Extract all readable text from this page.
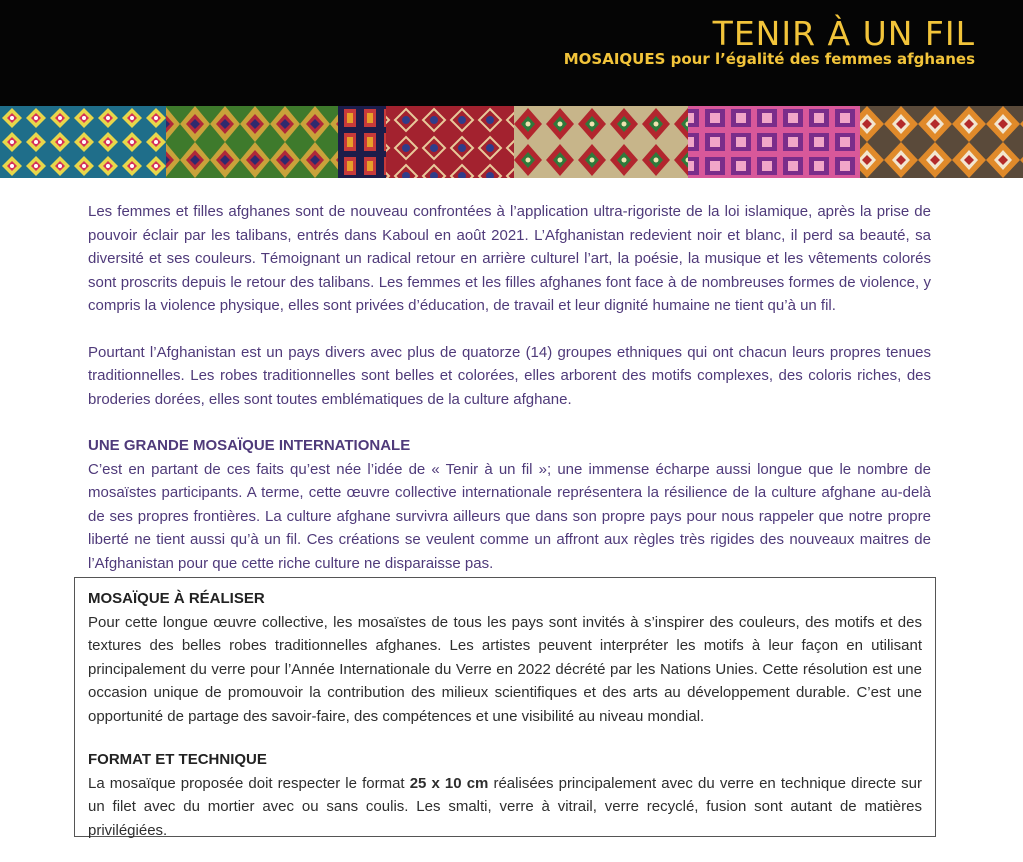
TENIR À UN FIL

MOSAIQUES pour l’égalité des femmes afghanes

Les femmes et filles afghanes sont de nouveau confrontées à l’application ultra-rigoriste de la loi islamique, après la prise de pouvoir éclair par les talibans, entrés dans Kaboul en août 2021. L’Afghanistan redevient noir et blanc, il perd sa beauté, sa diversité et ses couleurs. Témoignant un radical retour en arrière culturel l’art, la poésie, la musique et les vêtements colorés sont proscrits depuis le retour des talibans. Les femmes et les filles afghanes font face à de nombreuses formes de violence, y compris la violence physique, elles sont privées d’éducation, de travail et leur dignité humaine ne tient qu’à un fil.

Pourtant l’Afghanistan est un pays divers avec plus de quatorze (14) groupes ethniques qui ont chacun leurs propres tenues traditionnelles. Les robes traditionnelles sont belles et colorées, elles arborent des motifs complexes, des coloris riches, des broderies dorées, elles sont toutes emblématiques de la culture afghane.

UNE GRANDE MOSAÏQUE INTERNATIONALE

C’est en partant de ces faits qu’est née l’idée de « Tenir à un fil »; une immense écharpe aussi longue que le nombre de mosaïstes participants. A terme, cette œuvre collective internationale représentera la résilience de la culture afghane au-delà de ses propres frontières. La culture afghane survivra ailleurs que dans son propre pays pour nous rappeler que notre propre liberté ne tient aussi qu’à un fil. Ces créations se veulent comme un affront aux règles très rigides des nouveaux maitres de l’Afghanistan pour que cette riche culture ne disparaisse pas.

MOSAÏQUE À RÉALISER

Pour cette longue œuvre collective, les mosaïstes de tous les pays sont invités à s’inspirer des couleurs, des motifs et des textures des belles robes traditionnelles afghanes. Les artistes peuvent interpréter les motifs à leur façon en utilisant principalement du verre pour l’Année Internationale du Verre en 2022 décrété par les Nations Unies. Cette résolution est une occasion unique de promouvoir la contribution des milieux scientifiques et des arts au développement durable. C’est une opportunité de partage des savoir-faire, des compétences et une visibilité au niveau mondial.

FORMAT ET TECHNIQUE

La mosaïque proposée doit respecter le format 25 x 10 cm réalisées principalement avec du verre en technique directe sur un filet avec du mortier avec ou sans coulis. Les smalti, verre à vitrail, verre recyclé, fusion sont autant de matières privilégiées.
